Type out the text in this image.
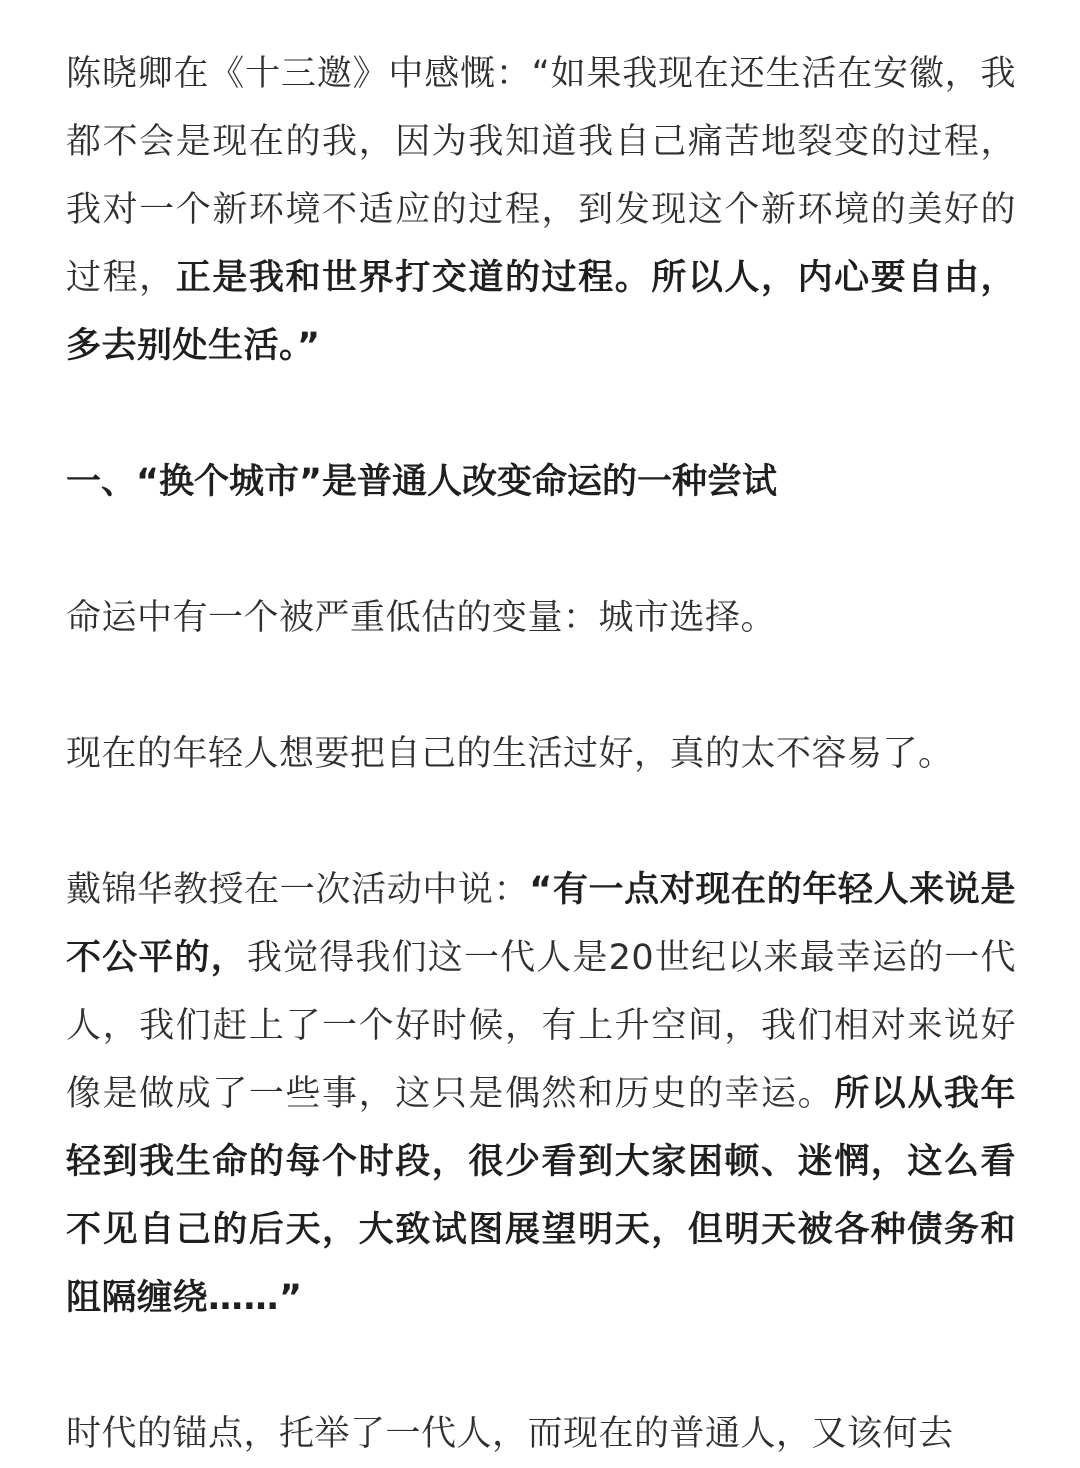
陈晓卿在《十三邀》中感慨：“如果我现在还生活在安徽，我都不会是现在的我，因为我知道我自己痛苦地裂变的过程，我对一个新环境不适应的过程，到发现这个新环境的美好的过程，正是我和世界打交道的过程。所以人，内心要自由，多去别处生活。”

一、“换个城市”是普通人改变命运的一种尝试

命运中有一个被严重低估的变量：城市选择。

现在的年轻人想要把自己的生活过好，真的太不容易了。

戴锦华教授在一次活动中说：“有一点对现在的年轻人来说是不公平的，我觉得我们这一代人是20世纪以来最幸运的一代人，我们赶上了一个好时候，有上升空间，我们相对来说好像是做成了一些事，这只是偶然和历史的幸运。所以从我年轻到我生命的每个时段，很少看到大家困顿、迷惘，这么看不见自己的后天，大致试图展望明天，但明天被各种债务和阻隔缠绕……”

时代的锚点，托举了一代人，而现在的普通人，又该何去
